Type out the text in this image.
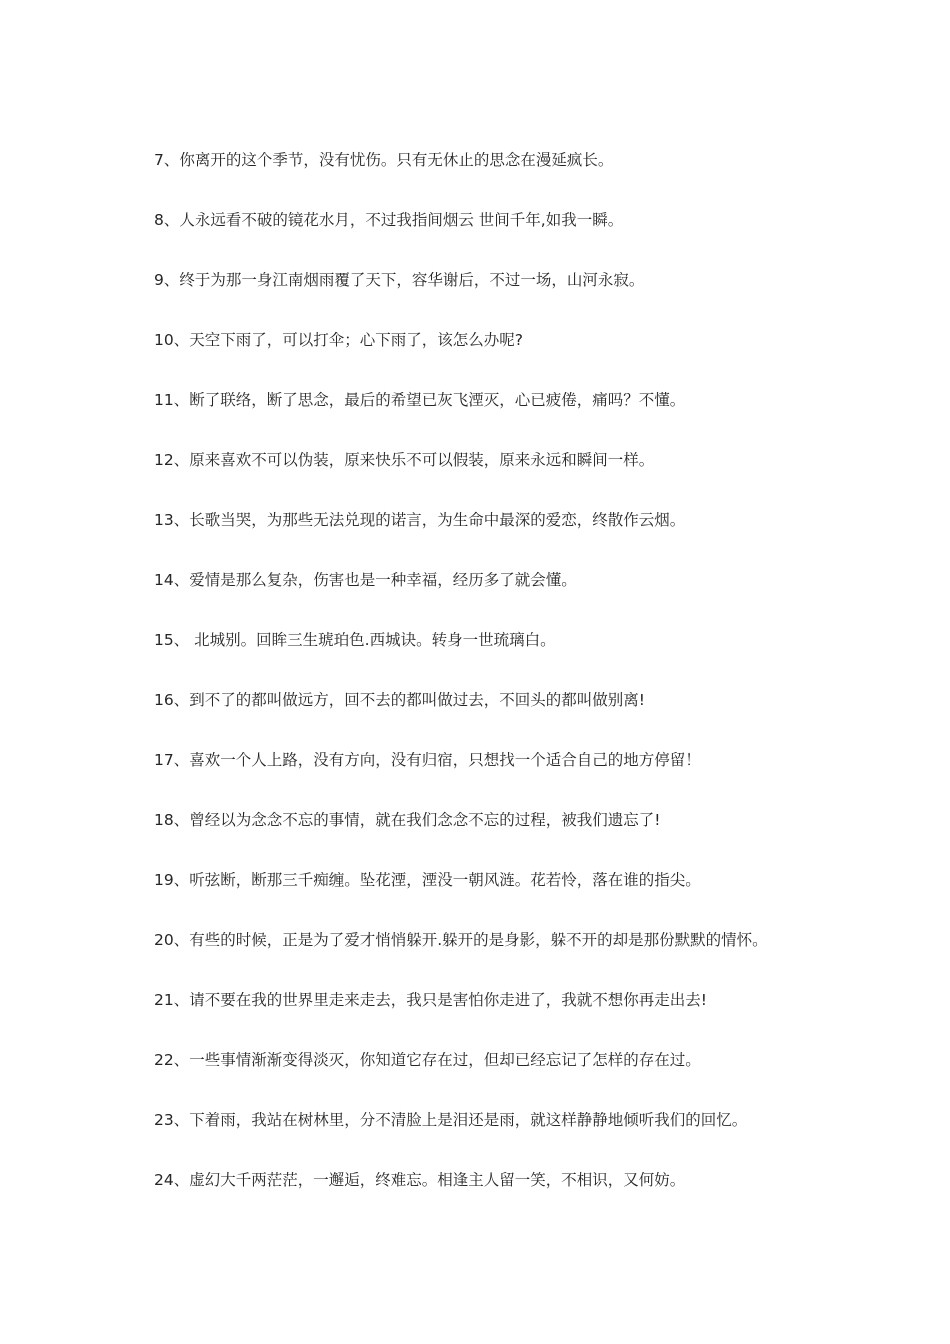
7、你离开的这个季节，没有忧伤。只有无休止的思念在漫延疯长。
8、人永远看不破的镜花水月，不过我指间烟云 世间千年,如我一瞬。
9、终于为那一身江南烟雨覆了天下，容华谢后，不过一场，山河永寂。
10、天空下雨了，可以打伞；心下雨了，该怎么办呢?
11、断了联络，断了思念，最后的希望已灰飞湮灭，心已疲倦，痛吗？不懂。
12、原来喜欢不可以伪装，原来快乐不可以假装，原来永远和瞬间一样。
13、长歌当哭，为那些无法兑现的诺言，为生命中最深的爱恋，终散作云烟。
14、爱情是那么复杂，伤害也是一种幸福，经历多了就会懂。
15、 北城别。回眸三生琥珀色.西城诀。转身一世琉璃白。
16、到不了的都叫做远方，回不去的都叫做过去，不回头的都叫做别离!
17、喜欢一个人上路，没有方向，没有归宿，只想找一个适合自己的地方停留！
18、曾经以为念念不忘的事情，就在我们念念不忘的过程，被我们遗忘了!
19、听弦断，断那三千痴缠。坠花湮，湮没一朝风涟。花若怜，落在谁的指尖。
20、有些的时候，正是为了爱才悄悄躲开.躲开的是身影，躲不开的却是那份默默的情怀。
21、请不要在我的世界里走来走去，我只是害怕你走进了，我就不想你再走出去!
22、一些事情渐渐变得淡灭，你知道它存在过，但却已经忘记了怎样的存在过。
23、下着雨，我站在树林里，分不清脸上是泪还是雨，就这样静静地倾听我们的回忆。
24、虚幻大千两茫茫，一邂逅，终难忘。相逢主人留一笑，不相识，又何妨。
